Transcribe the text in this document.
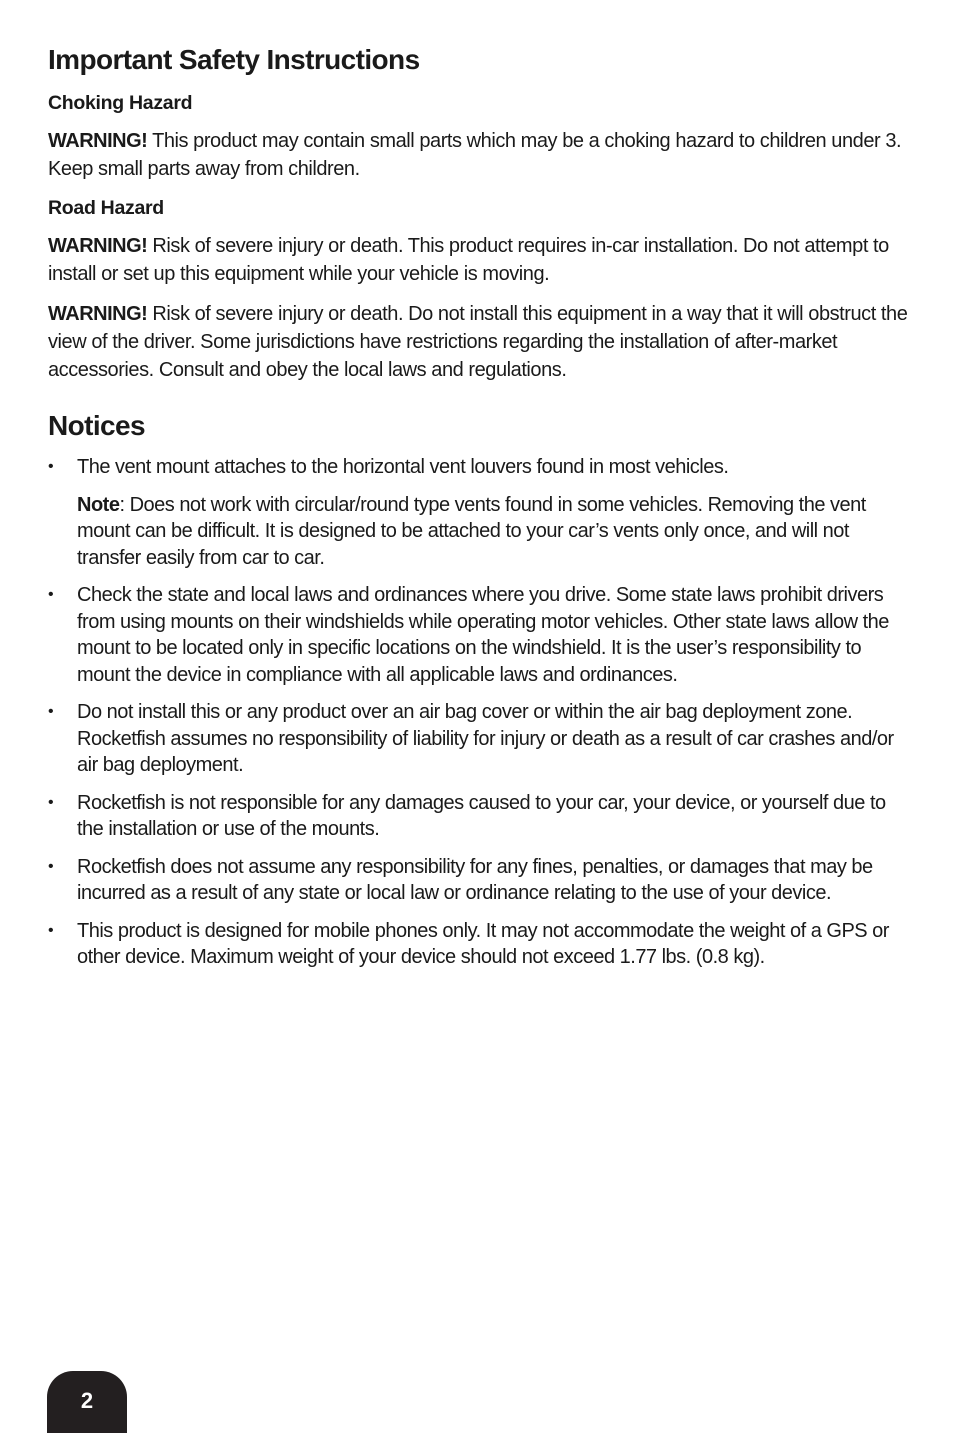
Important Safety Instructions
Choking Hazard

WARNING! This product may contain small parts which may be a choking hazard to children under 3. Keep small parts away from children.

Road Hazard

WARNING! Risk of severe injury or death. This product requires in-car installation. Do not attempt to install or set up this equipment while your vehicle is moving.

WARNING! Risk of severe injury or death. Do not install this equipment in a way that it will obstruct the view of the driver. Some jurisdictions have restrictions regarding the installation of after-market accessories. Consult and obey the local laws and regulations.

Notices
• The vent mount attaches to the horizontal vent louvers found in most vehicles.
Note: Does not work with circular/round type vents found in some vehicles. Removing the vent mount can be difficult. It is designed to be attached to your car’s vents only once, and will not transfer easily from car to car.
• Check the state and local laws and ordinances where you drive. Some state laws prohibit drivers from using mounts on their windshields while operating motor vehicles. Other state laws allow the mount to be located only in specific locations on the windshield. It is the user’s responsibility to mount the device in compliance with all applicable laws and ordinances.
• Do not install this or any product over an air bag cover or within the air bag deployment zone. Rocketfish assumes no responsibility of liability for injury or death as a result of car crashes and/or air bag deployment.
• Rocketfish is not responsible for any damages caused to your car, your device, or yourself due to the installation or use of the mounts.
• Rocketfish does not assume any responsibility for any fines, penalties, or damages that may be incurred as a result of any state or local law or ordinance relating to the use of your device.
• This product is designed for mobile phones only. It may not accommodate the weight of a GPS or other device. Maximum weight of your device should not exceed 1.77 lbs. (0.8 kg).
2
